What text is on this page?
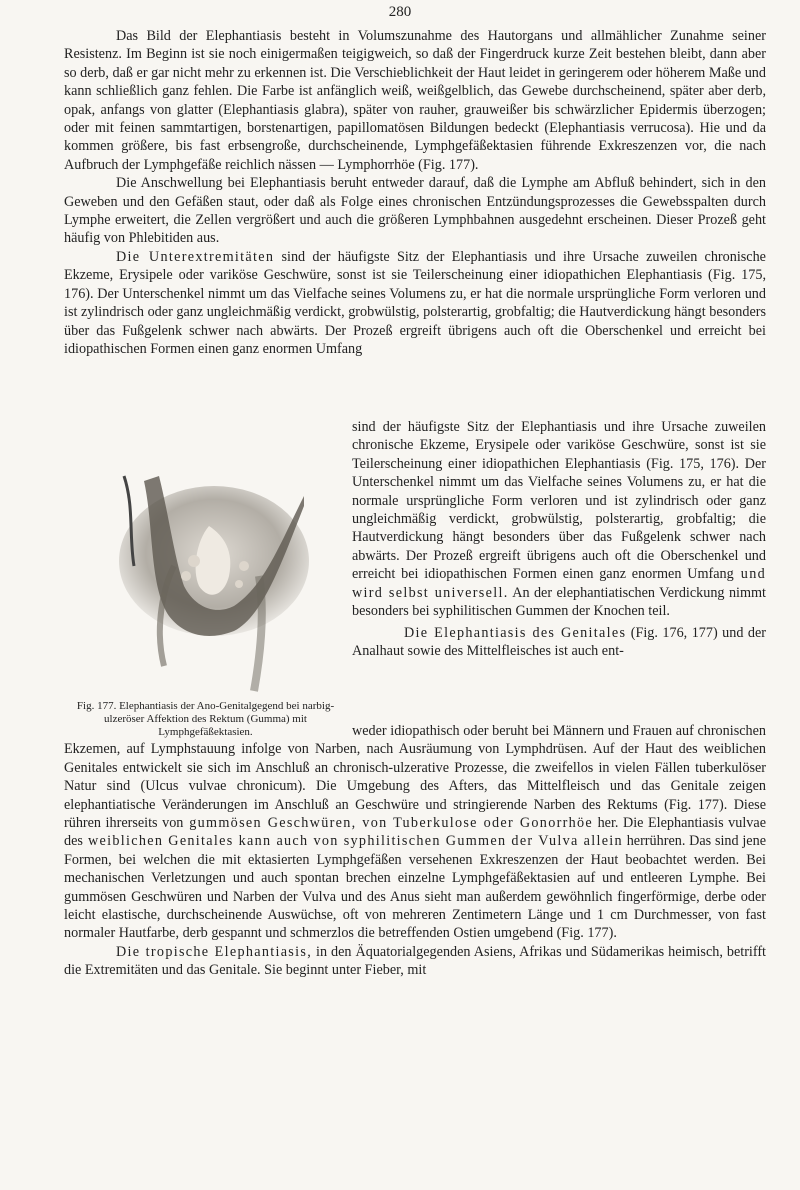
280

Das Bild der Elephantiasis besteht in Volumszunahme des Hautorgans und allmählicher Zunahme seiner Resistenz. Im Beginn ist sie noch einigermaßen teigigweich, so daß der Fingerdruck kurze Zeit bestehen bleibt, dann aber so derb, daß er gar nicht mehr zu erkennen ist. Die Verschieblichkeit der Haut leidet in geringerem oder höherem Maße und kann schließlich ganz fehlen. Die Farbe ist anfänglich weiß, weißgelblich, das Gewebe durchscheinend, später aber derb, opak, anfangs von glatter (Elephantiasis glabra), später von rauher, grauweißer bis schwärzlicher Epidermis überzogen; oder mit feinen sammtartigen, borstenartigen, papillomatösen Bildungen bedeckt (Elephantiasis verrucosa). Hie und da kommen größere, bis fast erbsengroße, durchscheinende, Lymphgefäßektasien führende Exkreszenzen vor, die nach Aufbruch der Lymphgefäße reichlich nässen — Lymphorrhöe (Fig. 177).

Die Anschwellung bei Elephantiasis beruht entweder darauf, daß die Lymphe am Abfluß behindert, sich in den Geweben und den Gefäßen staut, oder daß als Folge eines chronischen Entzündungsprozesses die Gewebsspalten durch Lymphe erweitert, die Zellen vergrößert und auch die größeren Lymphbahnen ausgedehnt erscheinen. Dieser Prozeß geht häufig von Phlebitiden aus.

Die Unterextremitäten sind der häufigste Sitz der Elephantiasis und ihre Ursache zuweilen chronische Ekzeme, Erysipele oder variköse Geschwüre, sonst ist sie Teilerscheinung einer idiopathichen Elephantiasis (Fig. 175, 176). Der Unterschenkel nimmt um das Vielfache seines Volumens zu, er hat die normale ursprüngliche Form verloren und ist zylindrisch oder ganz ungleichmäßig verdickt, grobwülstig, polsterartig, grobfaltig; die Hautverdickung hängt besonders über das Fußgelenk schwer nach abwärts. Der Prozeß ergreift übrigens auch oft die Oberschenkel und erreicht bei idiopathischen Formen einen ganz enormen Umfang

Fig. 177. Elephantiasis der Ano-Genitalgegend bei narbig-ulzeröser Affektion des Rektum (Gumma) mit Lymphgefäßektasien.

sind der häufigste Sitz der Elephantiasis und ihre Ursache zuweilen chronische Ekzeme, Erysipele oder variköse Geschwüre, sonst ist sie Teilerscheinung einer idiopathichen Elephantiasis (Fig. 175, 176). Der Unterschenkel nimmt um das Vielfache seines Volumens zu, er hat die normale ursprüngliche Form verloren und ist zylindrisch oder ganz ungleichmäßig verdickt, grobwülstig, polsterartig, grobfaltig; die Hautverdickung hängt besonders über das Fußgelenk schwer nach abwärts. Der Prozeß ergreift übrigens auch oft die Oberschenkel und erreicht bei idiopathischen Formen einen ganz enormen Umfang und wird selbst universell. An der elephantiatischen Verdickung nimmt besonders bei syphilitischen Gummen der Knochen teil.

Die Elephantiasis des Genitales (Fig. 176, 177) und der Analhaut sowie des Mittelfleisches ist auch ent-

weder idiopathisch oder beruht bei Männern und Frauen auf chronischen Ekzemen, auf Lymphstauung infolge von Narben, nach Ausräumung von Lymphdrüsen. Auf der Haut des weiblichen Genitales entwickelt sie sich im Anschluß an chronisch-ulzerative Prozesse, die zweifellos in vielen Fällen tuberkulöser Natur sind (Ulcus vulvae chronicum). Die Umgebung des Afters, das Mittelfleisch und das Genitale zeigen elephantiatische Veränderungen im Anschluß an Geschwüre und stringierende Narben des Rektums (Fig. 177). Diese rühren ihrerseits von gummösen Geschwüren, von Tuberkulose oder Gonorrhöe her. Die Elephantiasis vulvae des weiblichen Genitales kann auch von syphilitischen Gummen der Vulva allein herrühren. Das sind jene Formen, bei welchen die mit ektasierten Lymphgefäßen versehenen Exkreszenzen der Haut beobachtet werden. Bei mechanischen Verletzungen und auch spontan brechen einzelne Lymphgefäßektasien auf und entleeren Lymphe. Bei gummösen Geschwüren und Narben der Vulva und des Anus sieht man außerdem gewöhnlich fingerförmige, derbe oder leicht elastische, durchscheinende Auswüchse, oft von mehreren Zentimetern Länge und 1 cm Durchmesser, von fast normaler Hautfarbe, derb gespannt und schmerzlos die betreffenden Ostien umgebend (Fig. 177).

Die tropische Elephantiasis, in den Äquatorialgegenden Asiens, Afrikas und Südamerikas heimisch, betrifft die Extremitäten und das Genitale. Sie beginnt unter Fieber, mit
